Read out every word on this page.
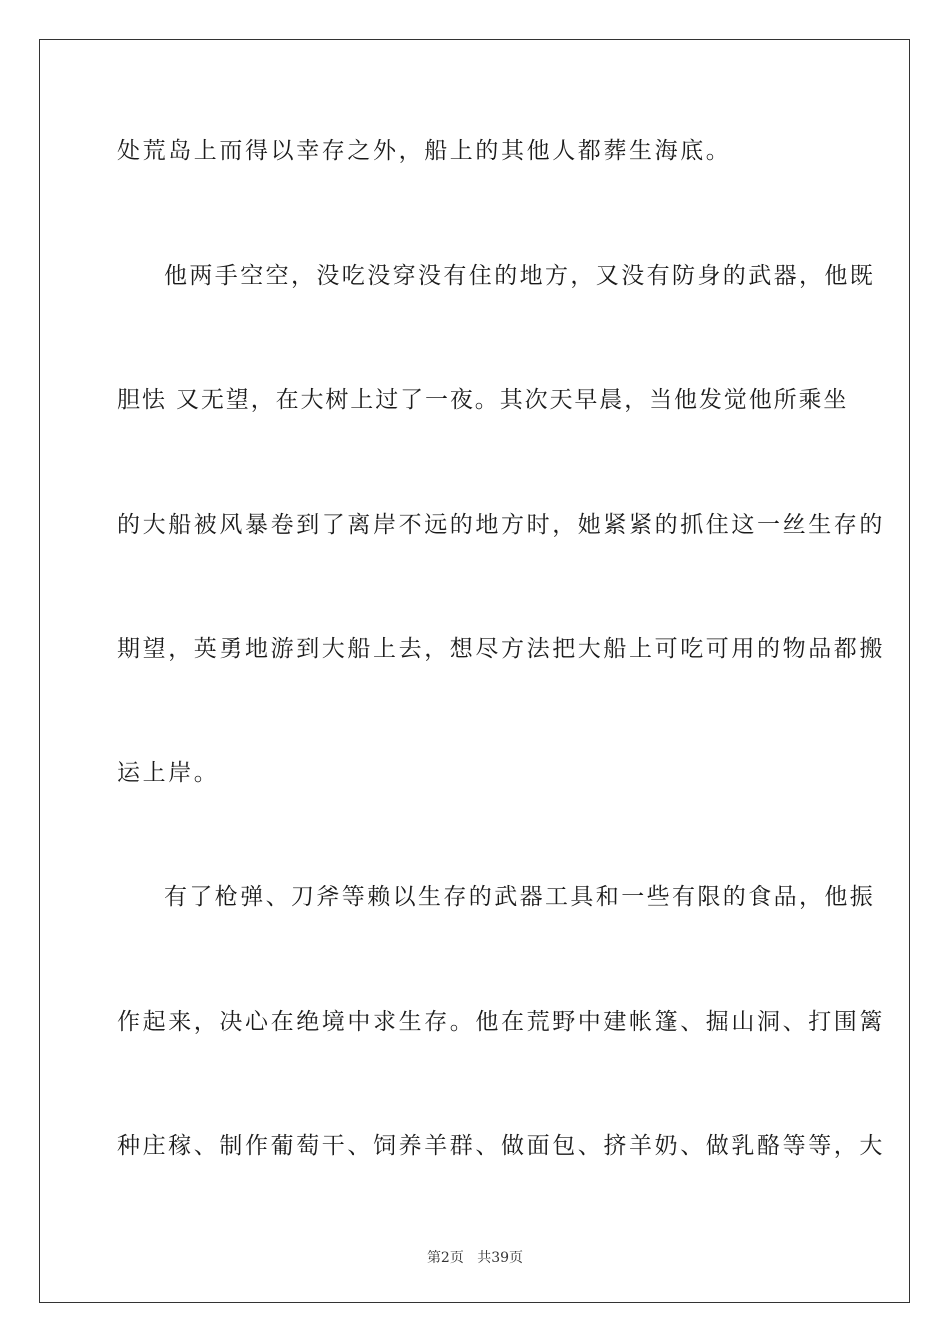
处荒岛上而得以幸存之外，船上的其他人都葬生海底。
他两手空空，没吃没穿没有住的地方，又没有防身的武器，他既
胆怯 又无望，在大树上过了一夜。其次天早晨，当他发觉他所乘坐
的大船被风暴卷到了离岸不远的地方时，她紧紧的抓住这一丝生存的
期望，英勇地游到大船上去，想尽方法把大船上可吃可用的物品都搬
运上岸。
有了枪弹、刀斧等赖以生存的武器工具和一些有限的食品，他振
作起来，决心在绝境中求生存。他在荒野中建帐篷、掘山洞、打围篱
种庄稼、制作葡萄干、饲养羊群、做面包、挤羊奶、做乳酪等等，大
第2页 共39页
